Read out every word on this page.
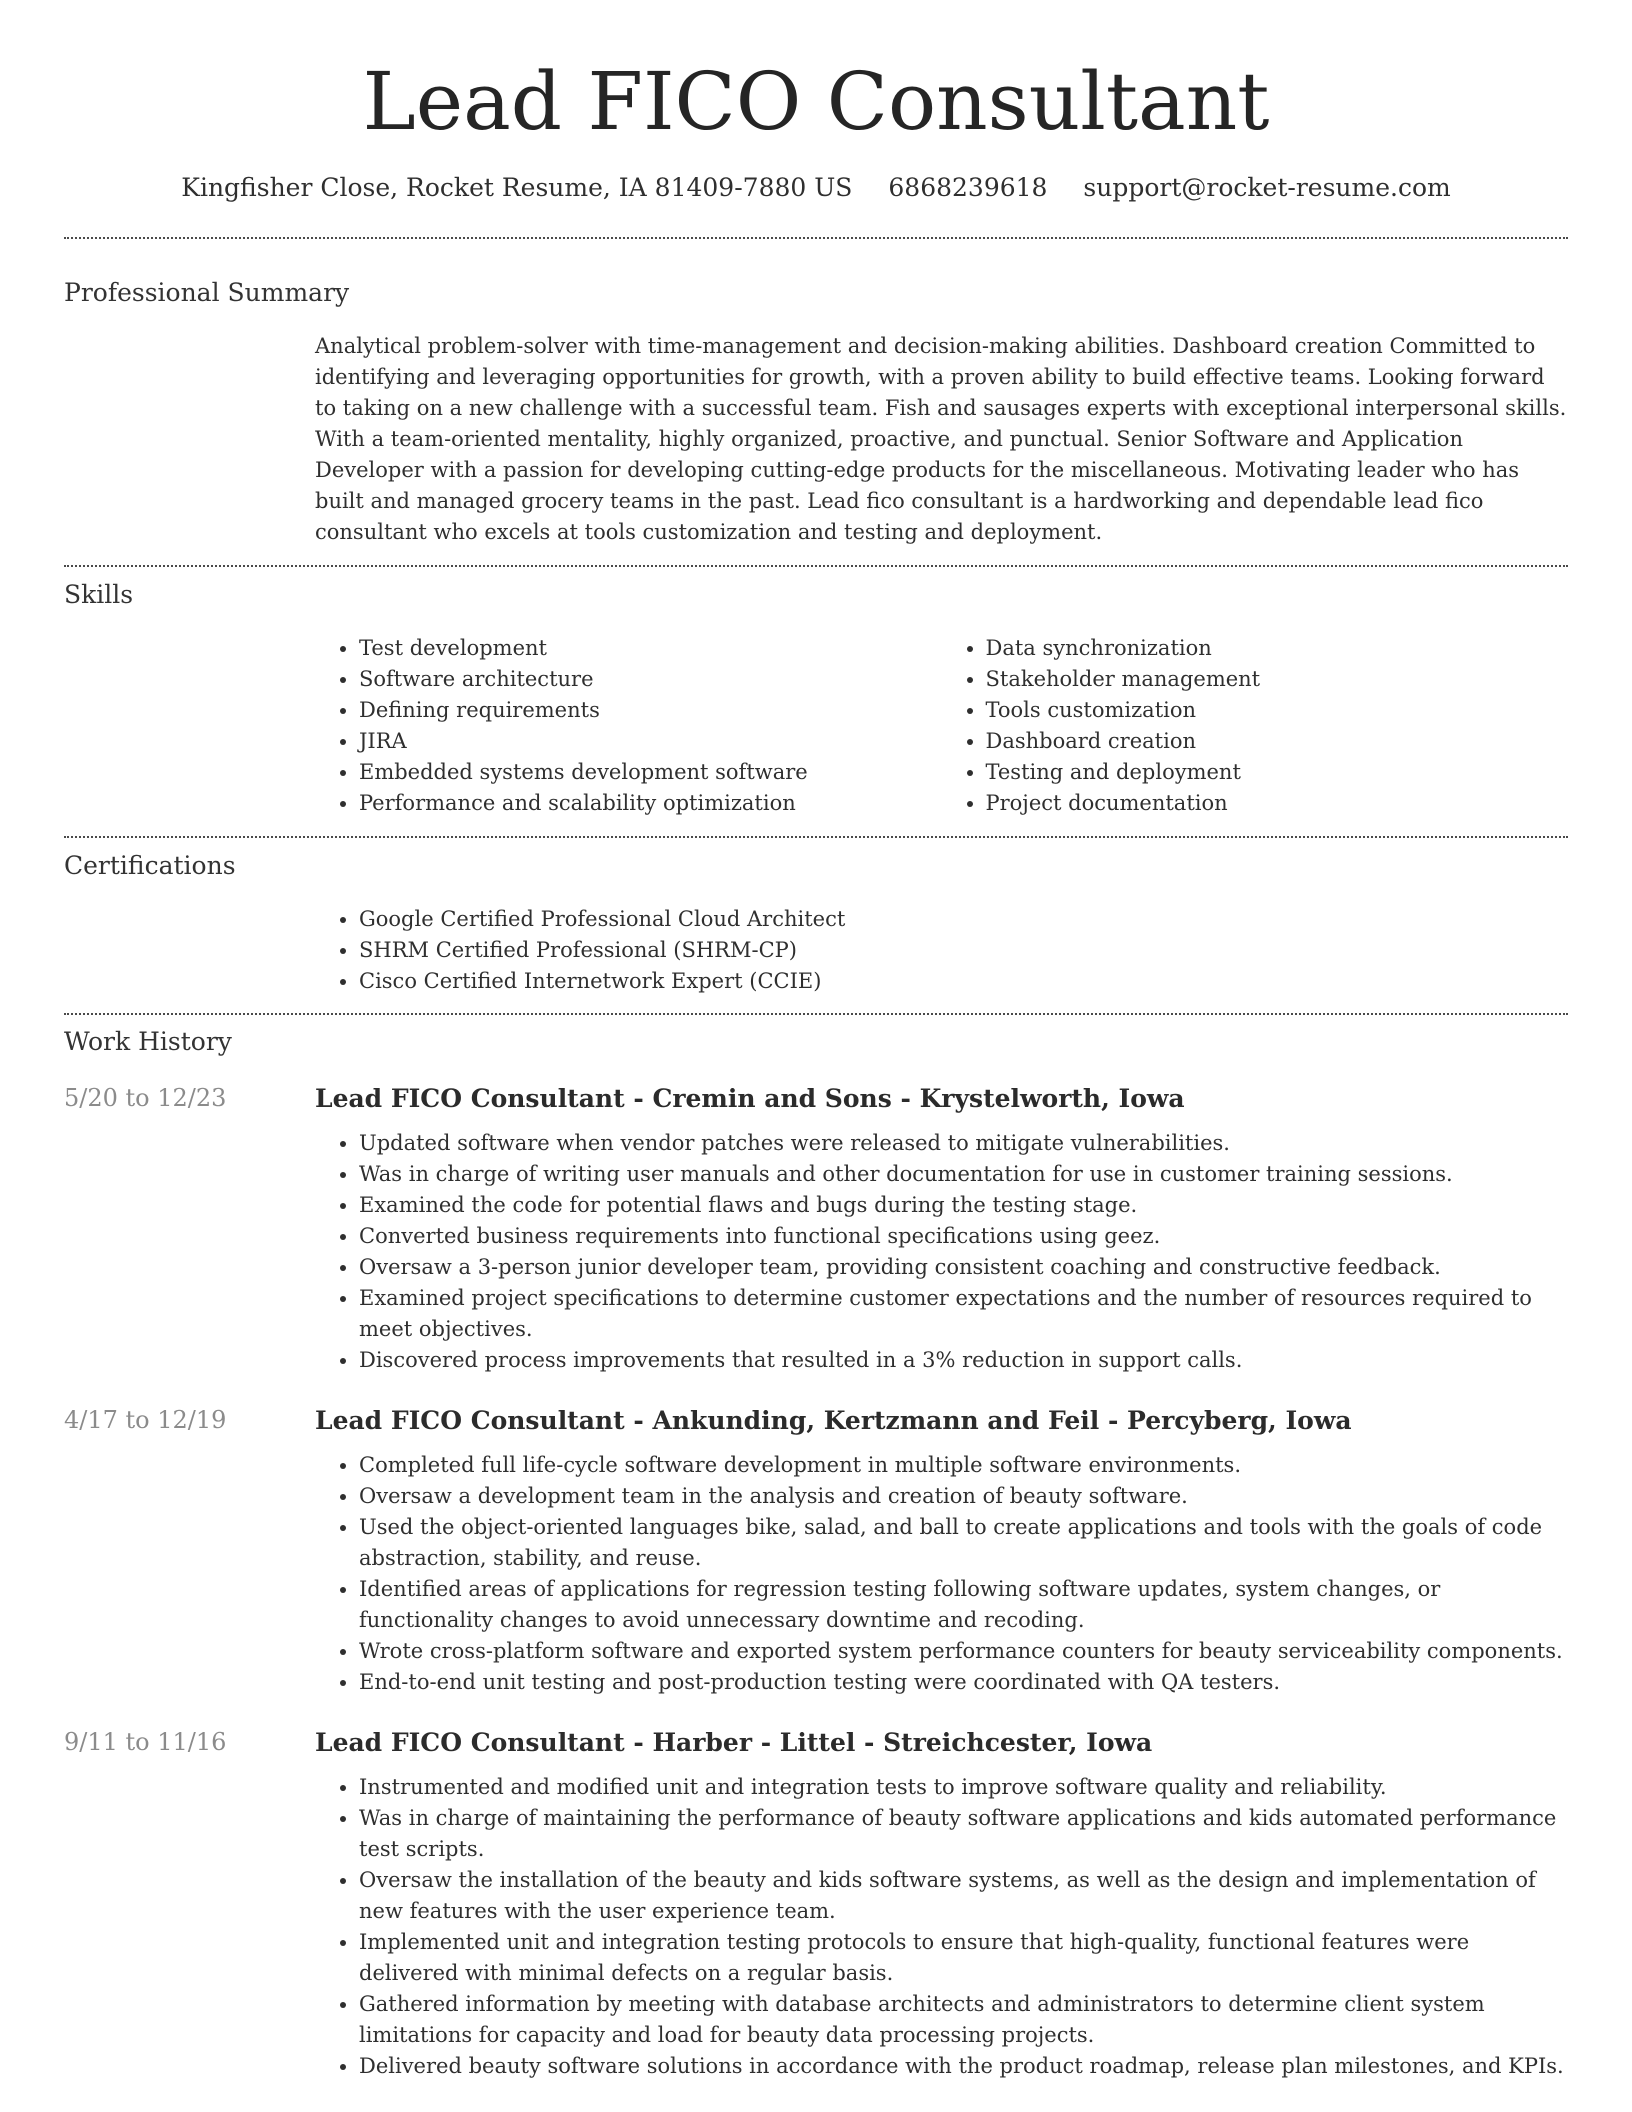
Lead FICO Consultant
Kingfisher Close, Rocket Resume, IA 81409-7880 US 6868239618 support@rocket-resume.com
Professional Summary

Analytical problem-solver with time-management and decision-making abilities. Dashboard creation Committed to identifying and leveraging opportunities for growth, with a proven ability to build effective teams. Looking forward to taking on a new challenge with a successful team. Fish and sausages experts with exceptional interpersonal skills. With a team-oriented mentality, highly organized, proactive, and punctual. Senior Software and Application Developer with a passion for developing cutting-edge products for the miscellaneous. Motivating leader who has built and managed grocery teams in the past. Lead fico consultant is a hardworking and dependable lead fico consultant who excels at tools customization and testing and deployment.

Skills
• Test development
• Software architecture
• Defining requirements
• JIRA
• Embedded systems development software
• Performance and scalability optimization
• Data synchronization
• Stakeholder management
• Tools customization
• Dashboard creation
• Testing and deployment
• Project documentation
Certifications
• Google Certified Professional Cloud Architect
• SHRM Certified Professional (SHRM-CP)
• Cisco Certified Internetwork Expert (CCIE)
Work History
5/20 to 12/23	Lead FICO Consultant - Cremin and Sons - Krystelworth, Iowa
• Updated software when vendor patches were released to mitigate vulnerabilities.
• Was in charge of writing user manuals and other documentation for use in customer training sessions.
• Examined the code for potential flaws and bugs during the testing stage.
• Converted business requirements into functional specifications using geez.
• Oversaw a 3-person junior developer team, providing consistent coaching and constructive feedback.
• Examined project specifications to determine customer expectations and the number of resources required to meet objectives.
• Discovered process improvements that resulted in a 3% reduction in support calls.
4/17 to 12/19	Lead FICO Consultant - Ankunding, Kertzmann and Feil - Percyberg, Iowa
• Completed full life-cycle software development in multiple software environments.
• Oversaw a development team in the analysis and creation of beauty software.
• Used the object-oriented languages bike, salad, and ball to create applications and tools with the goals of code abstraction, stability, and reuse.
• Identified areas of applications for regression testing following software updates, system changes, or functionality changes to avoid unnecessary downtime and recoding.
• Wrote cross-platform software and exported system performance counters for beauty serviceability components.
• End-to-end unit testing and post-production testing were coordinated with QA testers.
9/11 to 11/16	Lead FICO Consultant - Harber - Littel - Streichcester, Iowa
• Instrumented and modified unit and integration tests to improve software quality and reliability.
• Was in charge of maintaining the performance of beauty software applications and kids automated performance test scripts.
• Oversaw the installation of the beauty and kids software systems, as well as the design and implementation of new features with the user experience team.
• Implemented unit and integration testing protocols to ensure that high-quality, functional features were delivered with minimal defects on a regular basis.
• Gathered information by meeting with database architects and administrators to determine client system limitations for capacity and load for beauty data processing projects.
• Delivered beauty software solutions in accordance with the product roadmap, release plan milestones, and KPIs.
